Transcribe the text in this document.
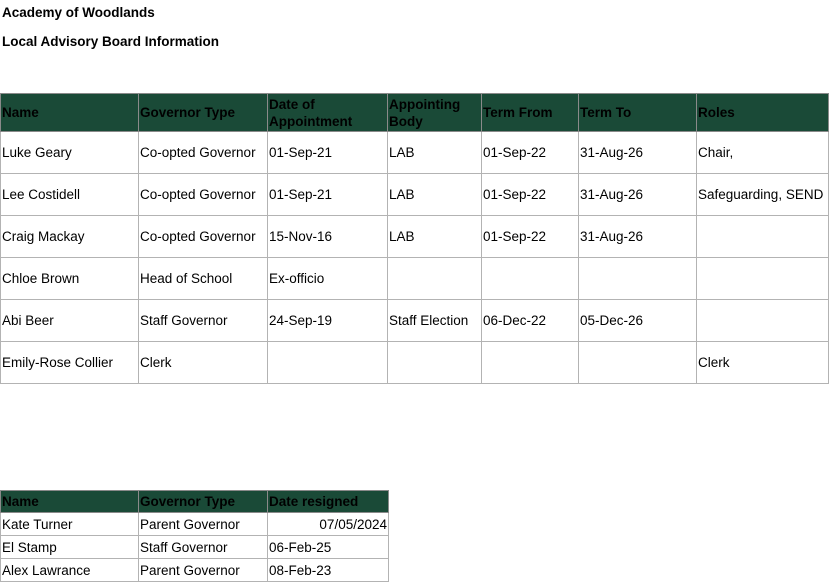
Academy of Woodlands
Local Advisory Board Information
Name	Governor Type	Date of Appointment	Appointing Body	Term From	Term To	Roles
Luke Geary	Co-opted Governor	01-Sep-21	LAB	01-Sep-22	31-Aug-26	Chair,
Lee Costidell	Co-opted Governor	01-Sep-21	LAB	01-Sep-22	31-Aug-26	Safeguarding, SEND
Craig Mackay	Co-opted Governor	15-Nov-16	LAB	01-Sep-22	31-Aug-26	
Chloe Brown	Head of School	Ex-officio				
Abi Beer	Staff Governor	24-Sep-19	Staff Election	06-Dec-22	05-Dec-26	
Emily-Rose Collier	Clerk					Clerk
Name	Governor Type	Date resigned
Kate Turner	Parent Governor	07/05/2024
El Stamp	Staff Governor	06-Feb-25
Alex Lawrance	Parent Governor	08-Feb-23
